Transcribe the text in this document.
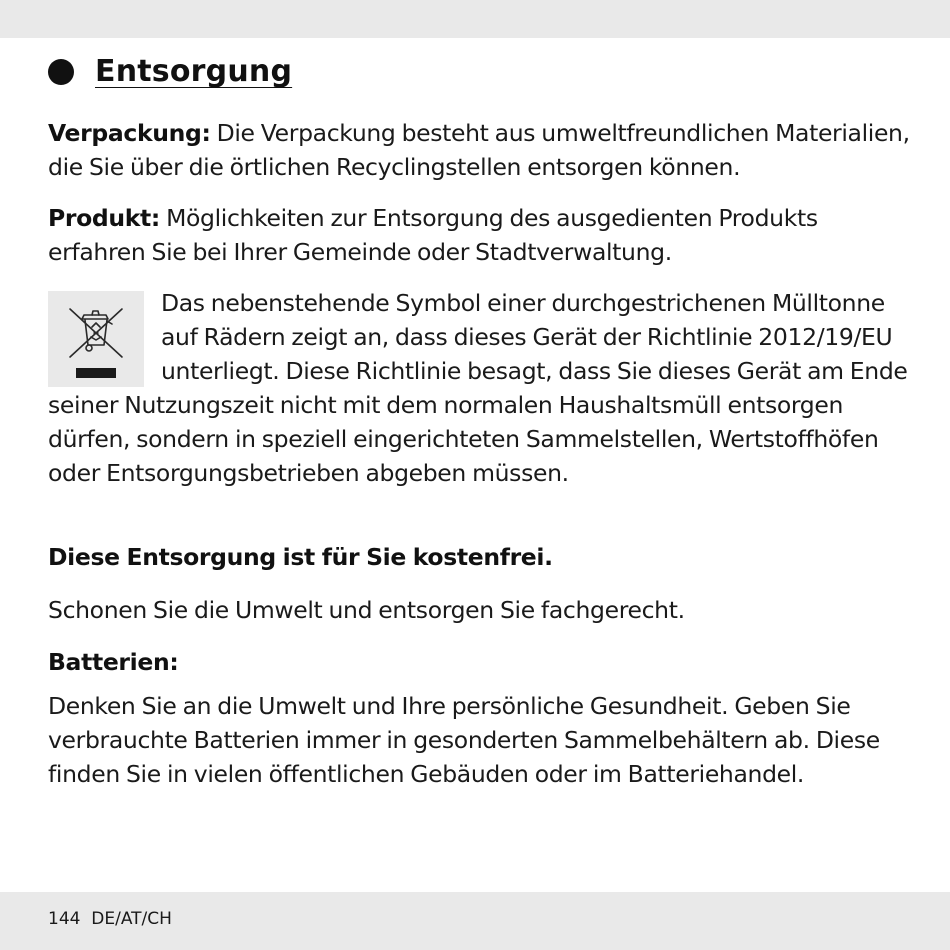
Entsorgung
Verpackung: Die Verpackung besteht aus umweltfreundlichen Materialien, die Sie über die örtlichen Recyclingstellen entsorgen können.
Produkt: Möglichkeiten zur Entsorgung des ausgedienten Produkts erfahren Sie bei Ihrer Gemeinde oder Stadtverwaltung.
Das nebenstehende Symbol einer durchgestrichenen Mülltonne auf Rädern zeigt an, dass dieses Gerät der Richtlinie 2012/19/EU unterliegt. Diese Richtlinie besagt, dass Sie dieses Gerät am Ende seiner Nutzungszeit nicht mit dem normalen Haushaltsmüll entsorgen dürfen, sondern in speziell eingerichteten Sammelstellen, Wertstoffhöfen oder Entsorgungsbetrieben abgeben müssen.
Diese Entsorgung ist für Sie kostenfrei.
Schonen Sie die Umwelt und entsorgen Sie fachgerecht.
Batterien:
Denken Sie an die Umwelt und Ihre persönliche Gesundheit. Geben Sie verbrauchte Batterien immer in gesonderten Sammelbehältern ab. Diese finden Sie in vielen öffentlichen Gebäuden oder im Batteriehandel.
144 DE/AT/CH
